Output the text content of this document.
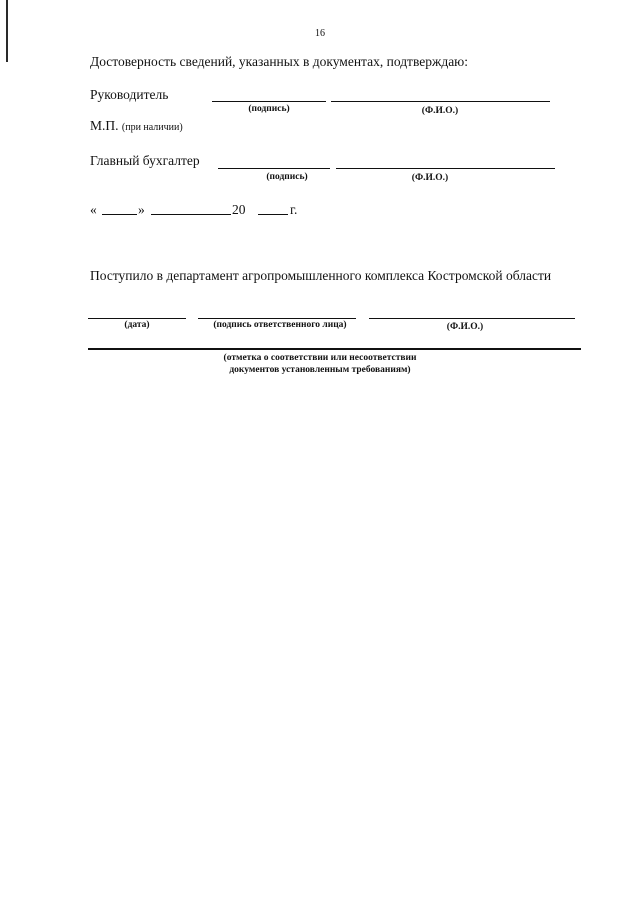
16
Достоверность сведений, указанных в документах, подтверждаю:
Руководитель
(подпись)	(Ф.И.О.)
М.П. (при наличии)
Главный бухгалтер
(подпись)	(Ф.И.О.)
«	»	20	г.
Поступило в департамент агропромышленного комплекса Костромской области
(дата)	(подпись ответственного лица)	(Ф.И.О.)
(отметка о соответствии или несоответствии
документов установленным требованиям)
